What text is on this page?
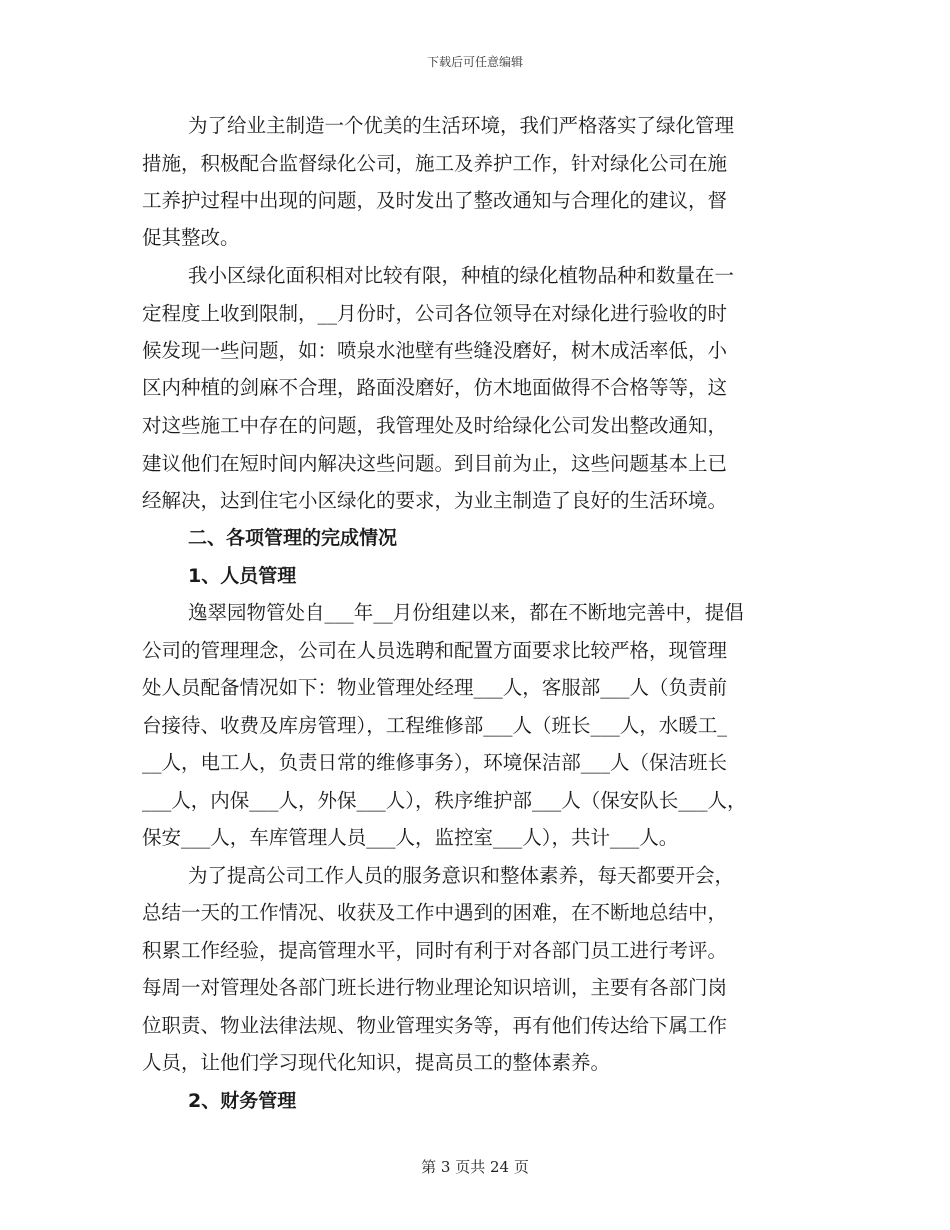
下载后可任意编辑
为了给业主制造一个优美的生活环境，我们严格落实了绿化管理
措施，积极配合监督绿化公司，施工及养护工作，针对绿化公司在施
工养护过程中出现的问题，及时发出了整改通知与合理化的建议，督
促其整改。
我小区绿化面积相对比较有限，种植的绿化植物品种和数量在一
定程度上收到限制，__月份时，公司各位领导在对绿化进行验收的时
候发现一些问题，如：喷泉水池壁有些缝没磨好，树木成活率低，小
区内种植的剑麻不合理，路面没磨好，仿木地面做得不合格等等，这
对这些施工中存在的问题，我管理处及时给绿化公司发出整改通知，
建议他们在短时间内解决这些问题。到目前为止，这些问题基本上已
经解决，达到住宅小区绿化的要求，为业主制造了良好的生活环境。
二、各项管理的完成情况
1、人员管理
逸翠园物管处自___年__月份组建以来，都在不断地完善中，提倡
公司的管理理念，公司在人员选聘和配置方面要求比较严格，现管理
处人员配备情况如下：物业管理处经理___人，客服部___人（负责前
台接待、收费及库房管理），工程维修部___人（班长___人，水暖工_
__人，电工人，负责日常的维修事务），环境保洁部___人（保洁班长
___人，内保___人，外保___人），秩序维护部___人（保安队长___人，
保安___人，车库管理人员___人，监控室___人），共计___人。
为了提高公司工作人员的服务意识和整体素养，每天都要开会，
总结一天的工作情况、收获及工作中遇到的困难，在不断地总结中，
积累工作经验，提高管理水平，同时有利于对各部门员工进行考评。
每周一对管理处各部门班长进行物业理论知识培训，主要有各部门岗
位职责、物业法律法规、物业管理实务等，再有他们传达给下属工作
人员，让他们学习现代化知识，提高员工的整体素养。
2、财务管理
第 3 页共 24 页
